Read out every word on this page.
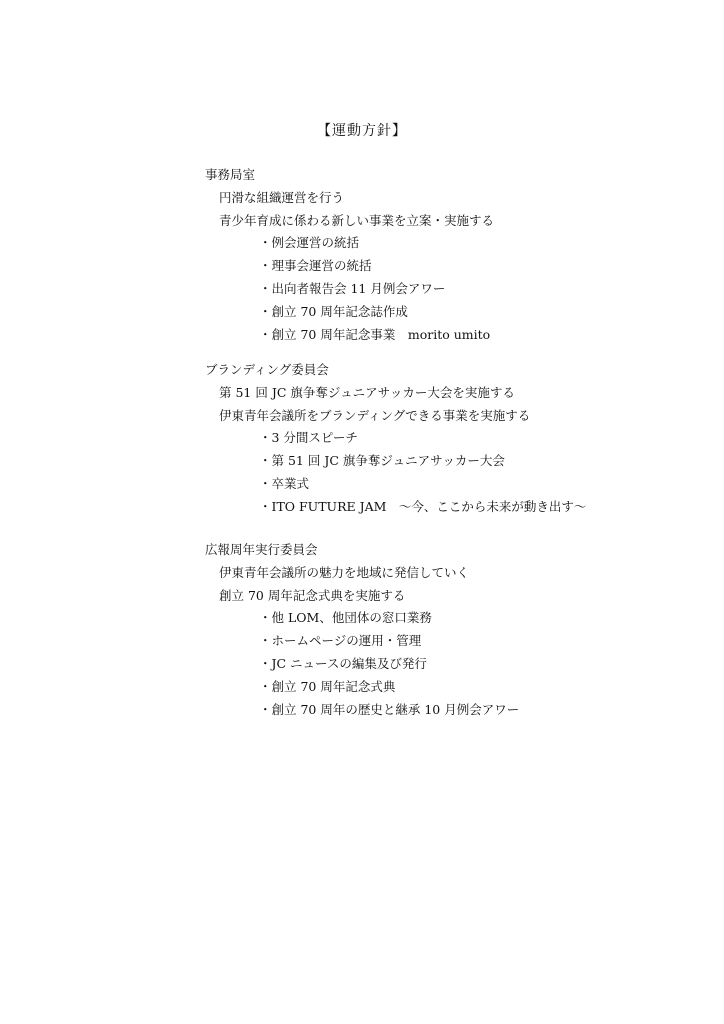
【運動方針】
事務局室
円滑な組織運営を行う
青少年育成に係わる新しい事業を立案・実施する
・例会運営の統括
・理事会運営の統括
・出向者報告会 11 月例会アワー
・創立 70 周年記念誌作成
・創立 70 周年記念事業　morito umito
ブランディング委員会
第 51 回 JC 旗争奪ジュニアサッカー大会を実施する
伊東青年会議所をブランディングできる事業を実施する
・3 分間スピーチ
・第 51 回 JC 旗争奪ジュニアサッカー大会
・卒業式
・ITO FUTURE JAM　～今、ここから未来が動き出す～
広報周年実行委員会
伊東青年会議所の魅力を地域に発信していく
創立 70 周年記念式典を実施する
・他 LOM、他団体の窓口業務
・ホームページの運用・管理
・JC ニュースの編集及び発行
・創立 70 周年記念式典
・創立 70 周年の歴史と継承 10 月例会アワー
